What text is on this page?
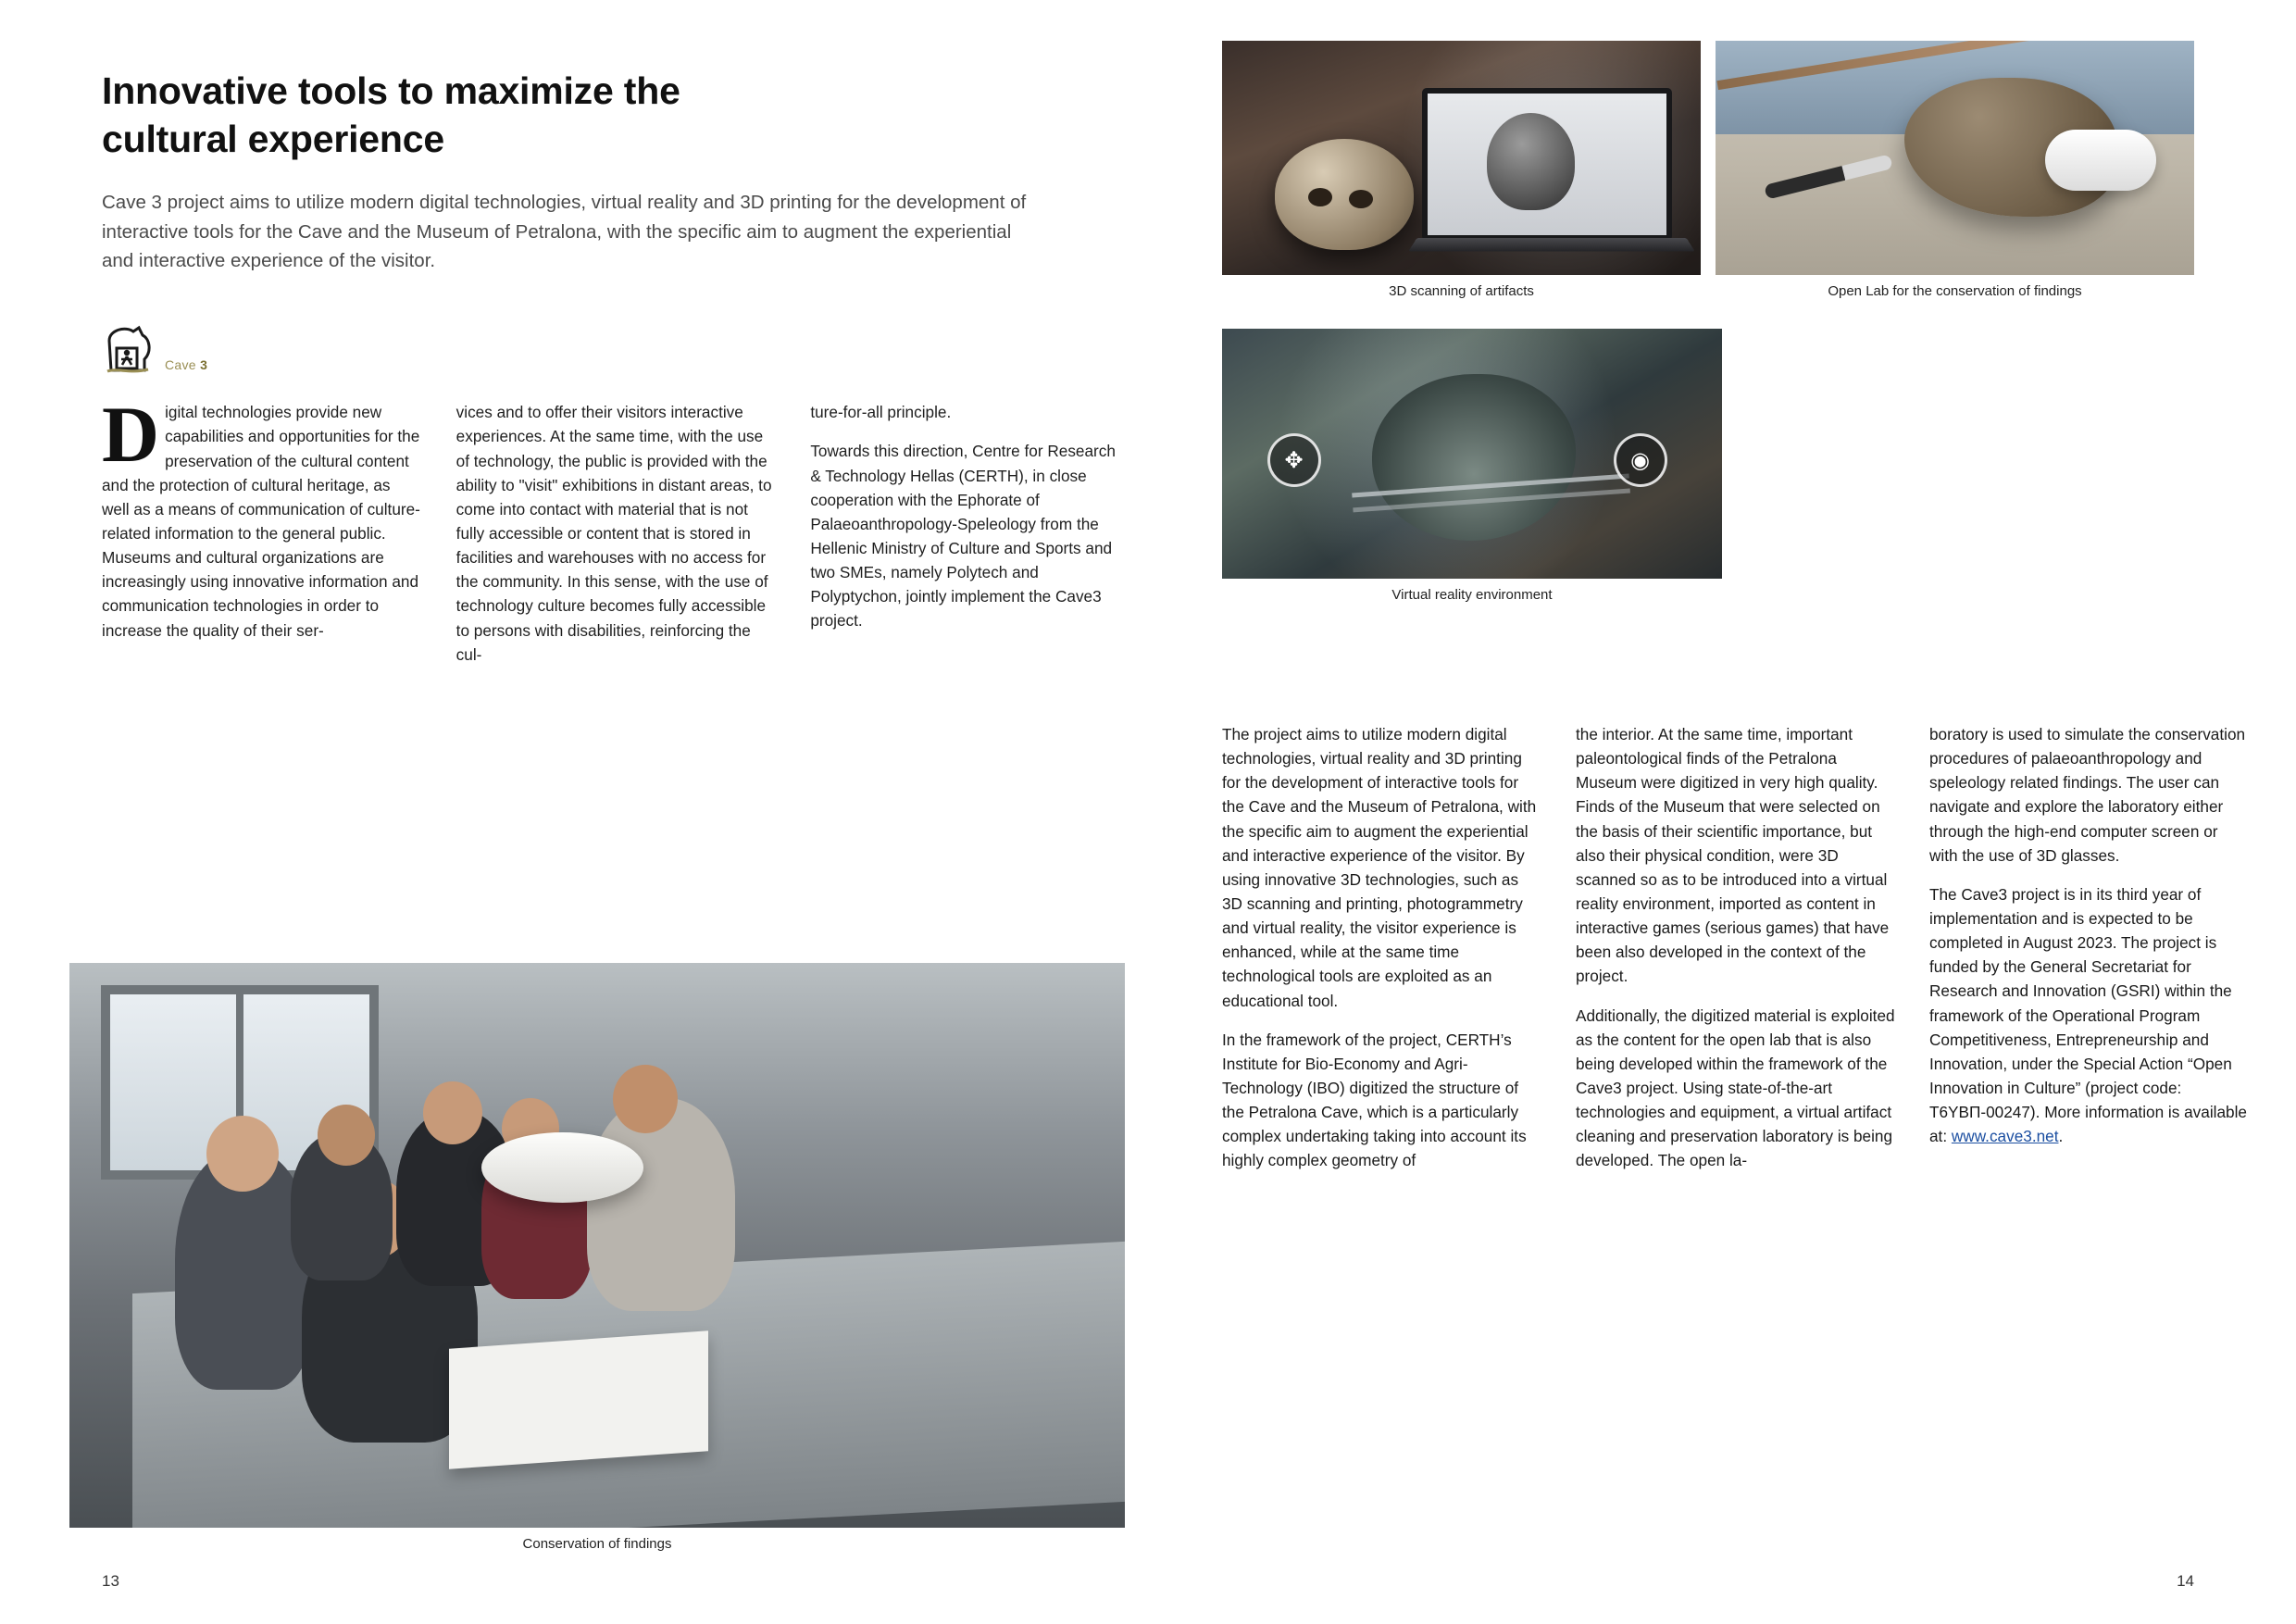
Innovative tools to maximize the cultural experience
Cave 3 project aims to utilize modern digital technologies, virtual reality and 3D printing for the development of interactive tools for the Cave and the Museum of Petralona, with the specific aim to augment the experiential and interactive experience of the visitor.
Cave 3

Digital technologies provide new capabilities and opportunities for the preservation of the cultural content and the protection of cultural heritage, as well as a means of communication of culture-related information to the general public. Museums and cultural organizations are increasingly using innovative information and communication technologies in order to increase the quality of their ser-

vices and to offer their visitors interactive experiences. At the same time, with the use of technology, the public is provided with the ability to "visit" exhibitions in distant areas, to come into contact with material that is not fully accessible or content that is stored in facilities and warehouses with no access for the community. In this sense, with the use of technology culture becomes fully accessible to persons with disabilities, reinforcing the cul-

ture-for-all principle.

Towards this direction, Centre for Research & Technology Hellas (CERTH), in close cooperation with the Ephorate of Palaeoanthropology-Speleology from the Hellenic Ministry of Culture and Sports and two SMEs, namely Polytech and Polyptychon, jointly implement the Cave3 project.

Conservation of findings
13
3D scanning of artifacts	Open Lab for the conservation of findings
✥	◉
Virtual reality environment

The project aims to utilize modern digital technologies, virtual reality and 3D printing for the development of interactive tools for the Cave and the Museum of Petralona, with the specific aim to augment the experiential and interactive experience of the visitor. By using innovative 3D technologies, such as 3D scanning and printing, photogrammetry and virtual reality, the visitor experience is enhanced, while at the same time technological tools are exploited as an educational tool.

In the framework of the project, CERTH’s Institute for Bio-Economy and Agri-Technology (IBO) digitized the structure of the Petralona Cave, which is a particularly complex undertaking taking into account its highly complex geometry of

the interior. At the same time, important paleontological finds of the Petralona Museum were digitized in very high quality. Finds of the Museum that were selected on the basis of their scientific importance, but also their physical condition, were 3D scanned so as to be introduced into a virtual reality environment, imported as content in interactive games (serious games) that have been also developed in the context of the project.

Additionally, the digitized material is exploited as the content for the open lab that is also being developed within the framework of the Cave3 project. Using state-of-the-art technologies and equipment, a virtual artifact cleaning and preservation laboratory is being developed. The open la-

boratory is used to simulate the conservation procedures of palaeoanthropology and speleology related findings. The user can navigate and explore the laboratory either through the high-end computer screen or with the use of 3D glasses.

The Cave3 project is in its third year of implementation and is expected to be completed in August 2023. The project is funded by the General Secretariat for Research and Innovation (GSRI) within the framework of the Operational Program Competitiveness, Entrepreneurship and Innovation, under the Special Action “Open Innovation in Culture” (project code: Τ6ΥΒΠ-00247). More information is available at: www.cave3.net.

14
